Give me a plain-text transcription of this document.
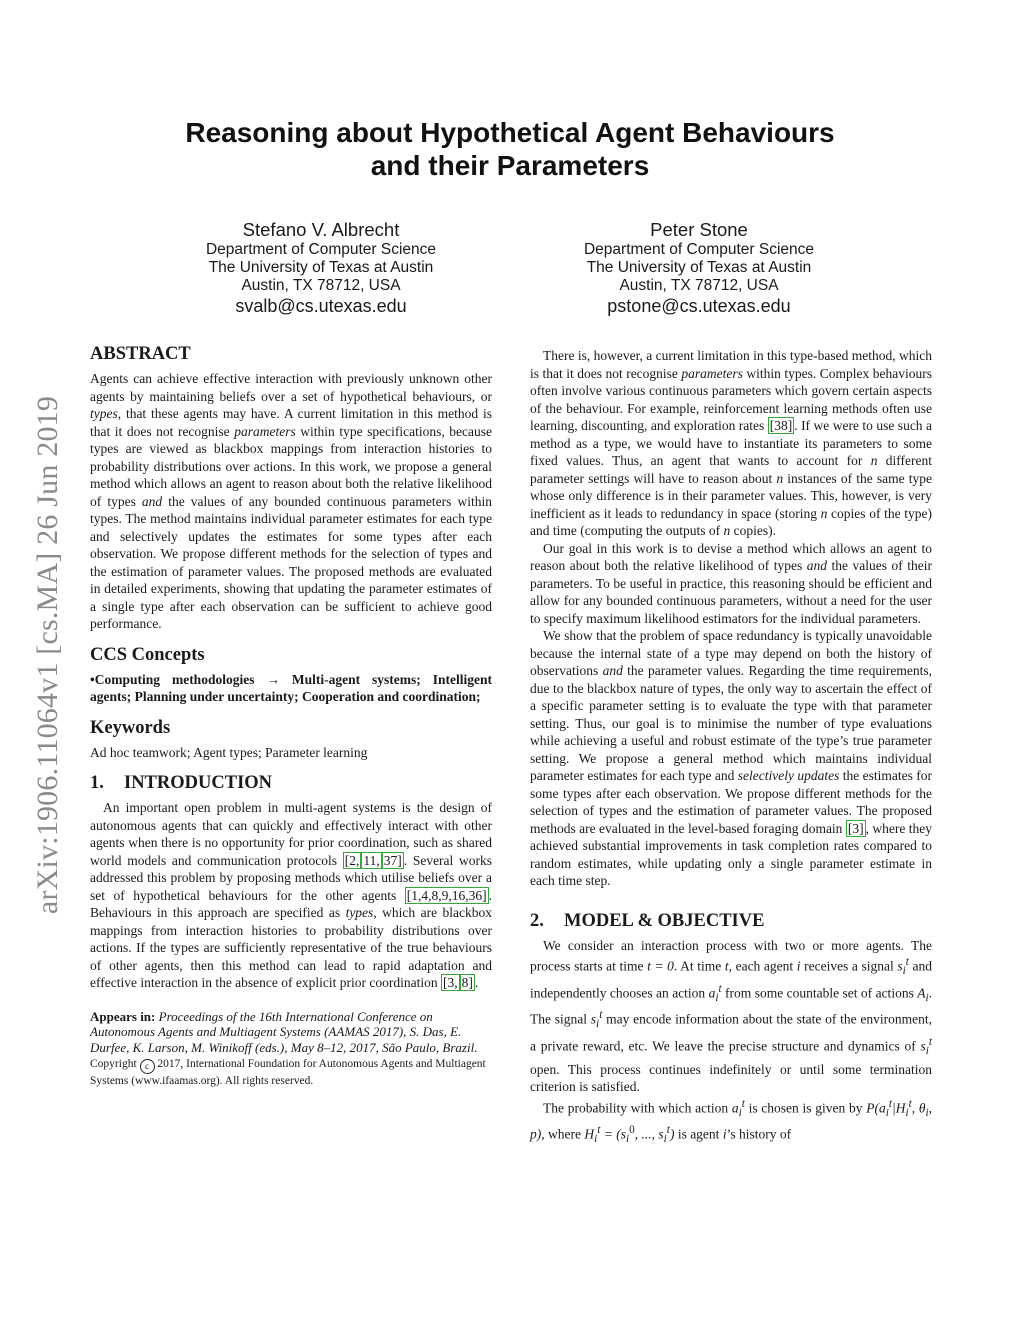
arXiv:1906.11064v1 [cs.MA] 26 Jun 2019
Reasoning about Hypothetical Agent Behaviours
and their Parameters
Stefano V. Albrecht
Department of Computer Science
The University of Texas at Austin
Austin, TX 78712, USA
svalb@cs.utexas.edu
Peter Stone
Department of Computer Science
The University of Texas at Austin
Austin, TX 78712, USA
pstone@cs.utexas.edu
ABSTRACT

Agents can achieve effective interaction with previously unknown other agents by maintaining beliefs over a set of hypothetical behaviours, or types, that these agents may have. A current limitation in this method is that it does not recognise parameters within type specifications, because types are viewed as blackbox mappings from interaction histories to probability distributions over actions. In this work, we propose a general method which allows an agent to reason about both the relative likelihood of types and the values of any bounded continuous parameters within types. The method maintains individual parameter estimates for each type and selectively updates the estimates for some types after each observation. We propose different methods for the selection of types and the estimation of parameter values. The proposed methods are evaluated in detailed experiments, showing that updating the parameter estimates of a single type after each observation can be sufficient to achieve good performance.

CCS Concepts

•Computing methodologies → Multi-agent systems; Intelligent agents; Planning under uncertainty; Cooperation and coordination;

Keywords

Ad hoc teamwork; Agent types; Parameter learning

1. INTRODUCTION

An important open problem in multi-agent systems is the design of autonomous agents that can quickly and effectively interact with other agents when there is no opportunity for prior coordination, such as shared world models and communication protocols [2, 11, 37] . Several works addressed this problem by proposing methods which utilise beliefs over a set of hypothetical behaviours for the other agents [1,4,8,9,16,36] . Behaviours in this approach are specified as types, which are blackbox mappings from interaction histories to probability distributions over actions. If the types are sufficiently representative of the true behaviours of other agents, then this method can lead to rapid adaptation and effective interaction in the absence of explicit prior coordination [3, 8] .

Appears in: Proceedings of the 16th International Conference on Autonomous Agents and Multiagent Systems (AAMAS 2017), S. Das, E. Durfee, K. Larson, M. Winikoff (eds.), May 8–12, 2017, São Paulo, Brazil.
Copyright c 2017, International Foundation for Autonomous Agents and Multiagent Systems (www.ifaamas.org). All rights reserved.

There is, however, a current limitation in this type-based method, which is that it does not recognise parameters within types. Complex behaviours often involve various continuous parameters which govern certain aspects of the behaviour. For example, reinforcement learning methods often use learning, discounting, and exploration rates [38] . If we were to use such a method as a type, we would have to instantiate its parameters to some fixed values. Thus, an agent that wants to account for n different parameter settings will have to reason about n instances of the same type whose only difference is in their parameter values. This, however, is very inefficient as it leads to redundancy in space (storing n copies of the type) and time (computing the outputs of n copies).

Our goal in this work is to devise a method which allows an agent to reason about both the relative likelihood of types and the values of their parameters. To be useful in practice, this reasoning should be efficient and allow for any bounded continuous parameters, without a need for the user to specify maximum likelihood estimators for the individual parameters.

We show that the problem of space redundancy is typically unavoidable because the internal state of a type may depend on both the history of observations and the parameter values. Regarding the time requirements, due to the blackbox nature of types, the only way to ascertain the effect of a specific parameter setting is to evaluate the type with that parameter setting. Thus, our goal is to minimise the number of type evaluations while achieving a useful and robust estimate of the type’s true parameter setting. We propose a general method which maintains individual parameter estimates for each type and selectively updates the estimates for some types after each observation. We propose different methods for the selection of types and the estimation of parameter values. The proposed methods are evaluated in the level-based foraging domain [3] , where they achieved substantial improvements in task completion rates compared to random estimates, while updating only a single parameter estimate in each time step.

2. MODEL & OBJECTIVE

We consider an interaction process with two or more agents. The process starts at time t = 0. At time t, each agent i receives a signal $s_i^t$ and independently chooses an action $a_i^t$ from some countable set of actions $A_i$. The signal $s_i^t$ may encode information about the state of the environment, a private reward, etc. We leave the precise structure and dynamics of $s_i^t$ open. This process continues indefinitely or until some termination criterion is satisfied.

The probability with which action $a_i^t$ is chosen is given by $P(a_i^t|H_i^t$, $\theta_i$, p), where $H_i^t = (s_i^0$, ..., $s_i^t$) is agent i’s history of
